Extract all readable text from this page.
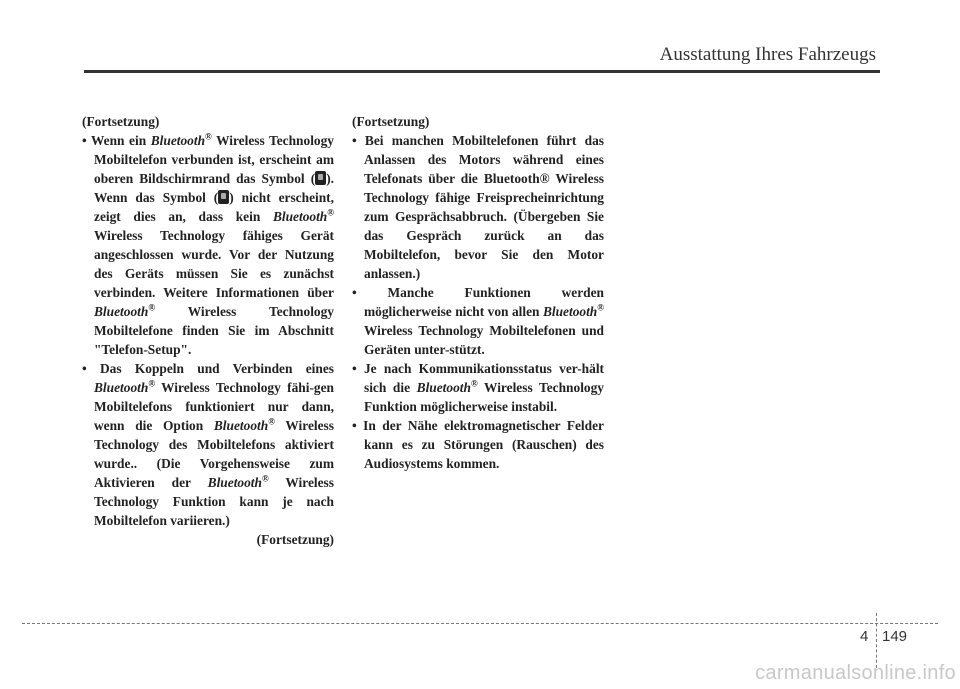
Ausstattung Ihres Fahrzeugs

(Fortsetzung)

• Wenn ein Bluetooth® Wireless Technology Mobiltelefon verbunden ist, erscheint am oberen Bildschirmrand das Symbol ( ). Wenn das Symbol ( ) nicht erscheint, zeigt dies an, dass kein Bluetooth® Wireless Technology fähiges Gerät angeschlossen wurde. Vor der Nutzung des Geräts müssen Sie es zunächst verbinden. Weitere Informationen über Bluetooth® Wireless Technology Mobiltelefone finden Sie im Abschnitt "Telefon-Setup".

• Das Koppeln und Verbinden eines Bluetooth® Wireless Technology fähi-gen Mobiltelefons funktioniert nur dann, wenn die Option Bluetooth® Wireless Technology des Mobiltelefons aktiviert wurde.. (Die Vorgehensweise zum Aktivieren der Bluetooth® Wireless Technology Funktion kann je nach Mobiltelefon variieren.)

(Fortsetzung)

(Fortsetzung)

• Bei manchen Mobiltelefonen führt das Anlassen des Motors während eines Telefonats über die Bluetooth® Wireless Technology fähige Freisprecheinrichtung zum Gesprächsabbruch. (Übergeben Sie das Gespräch zurück an das Mobiltelefon, bevor Sie den Motor anlassen.)

• Manche Funktionen werden möglicherweise nicht von allen Bluetooth® Wireless Technology Mobiltelefonen und Geräten unter-stützt.

• Je nach Kommunikationsstatus ver-hält sich die Bluetooth® Wireless Technology Funktion möglicherweise instabil.

• In der Nähe elektromagnetischer Felder kann es zu Störungen (Rauschen) des Audiosystems kommen.

4 149
carmanualsonline.info
